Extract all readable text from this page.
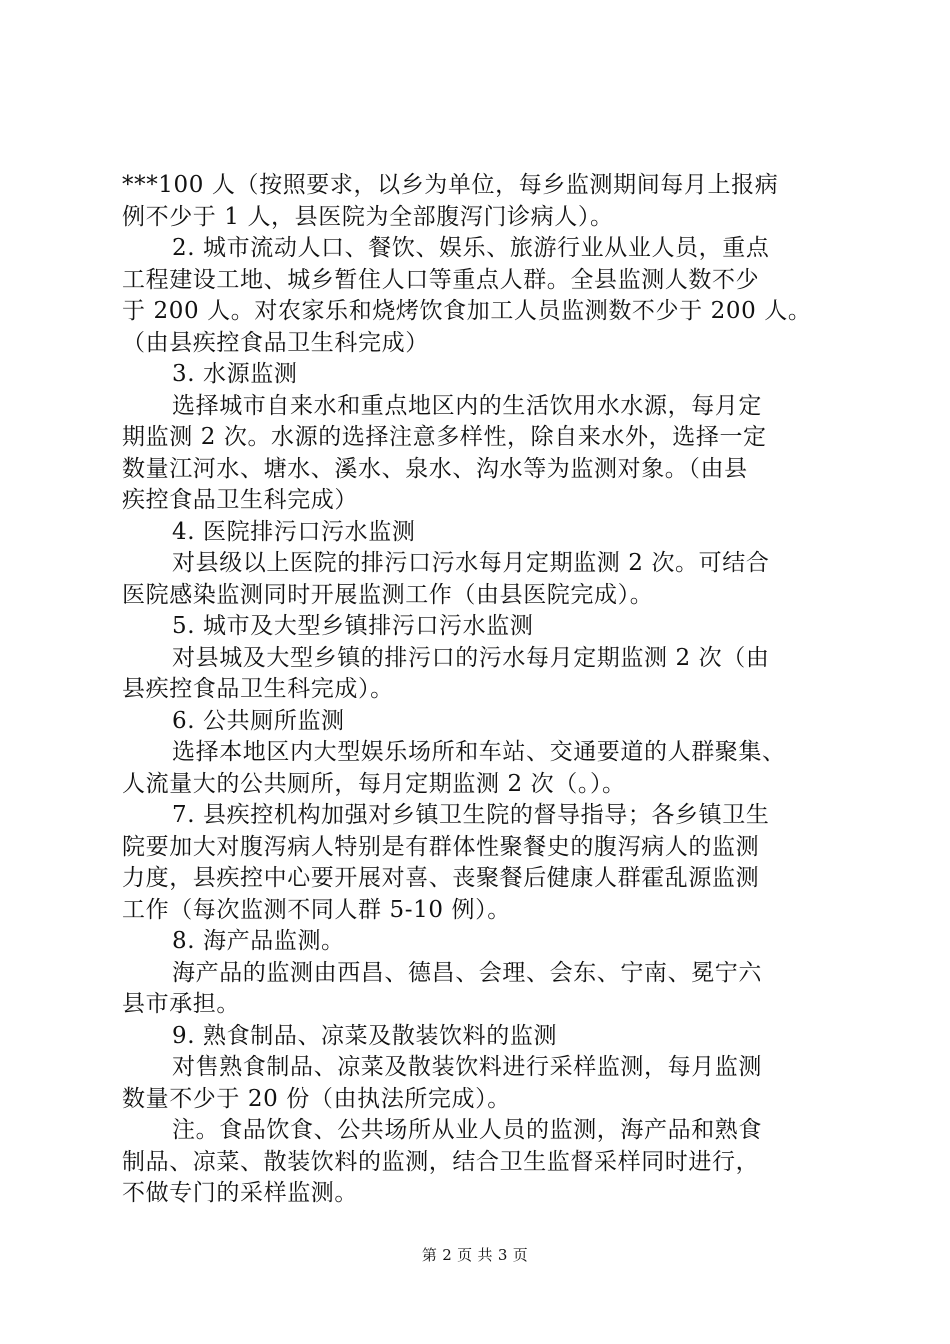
***100 人（按照要求，以乡为单位，每乡监测期间每月上报病
例不少于 1 人，县医院为全部腹泻门诊病人）。
2. 城市流动人口、餐饮、娱乐、旅游行业从业人员，重点
工程建设工地、城乡暂住人口等重点人群。全县监测人数不少
于 200 人。对农家乐和烧烤饮食加工人员监测数不少于 200 人。
（由县疾控食品卫生科完成）
3. 水源监测
选择城市自来水和重点地区内的生活饮用水水源，每月定
期监测 2 次。水源的选择注意多样性，除自来水外，选择一定
数量江河水、塘水、溪水、泉水、沟水等为监测对象。（由县
疾控食品卫生科完成）
4. 医院排污口污水监测
对县级以上医院的排污口污水每月定期监测 2 次。可结合
医院感染监测同时开展监测工作（由县医院完成）。
5. 城市及大型乡镇排污口污水监测
对县城及大型乡镇的排污口的污水每月定期监测 2 次（由
县疾控食品卫生科完成）。
6. 公共厕所监测
选择本地区内大型娱乐场所和车站、交通要道的人群聚集、
人流量大的公共厕所，每月定期监测 2 次（。）。
7. 县疾控机构加强对乡镇卫生院的督导指导；各乡镇卫生
院要加大对腹泻病人特别是有群体性聚餐史的腹泻病人的监测
力度，县疾控中心要开展对喜、丧聚餐后健康人群霍乱源监测
工作（每次监测不同人群 5-10 例）。
8. 海产品监测。
海产品的监测由西昌、德昌、会理、会东、宁南、冕宁六
县市承担。
9. 熟食制品、凉菜及散装饮料的监测
对售熟食制品、凉菜及散装饮料进行采样监测，每月监测
数量不少于 20 份（由执法所完成）。
注。食品饮食、公共场所从业人员的监测，海产品和熟食
制品、凉菜、散装饮料的监测，结合卫生监督采样同时进行，
不做专门的采样监测。
第 2 页 共 3 页
